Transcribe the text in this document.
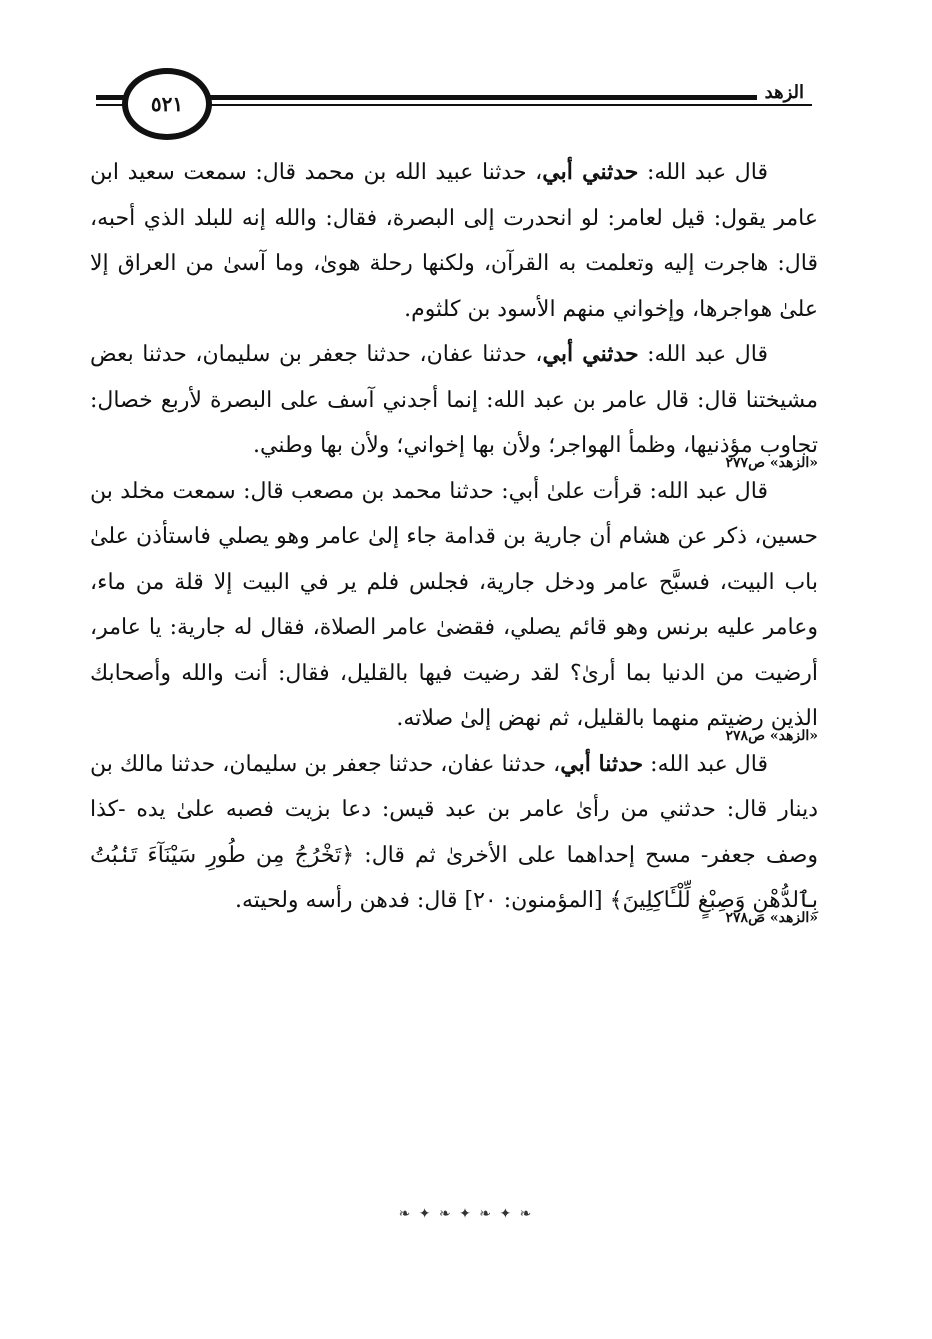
٥٢١	الزهد

قال عبد الله: حدثني أبي، حدثنا عبيد الله بن محمد قال: سمعت سعيد ابن عامر يقول: قيل لعامر: لو انحدرت إلى البصرة، فقال: والله إنه للبلد الذي أحبه، قال: هاجرت إليه وتعلمت به القرآن، ولكنها رحلة هوىٰ، وما آسىٰ من العراق إلا علىٰ هواجرها، وإخواني منهم الأسود بن كلثوم.

قال عبد الله: حدثني أبي، حدثنا عفان، حدثنا جعفر بن سليمان، حدثنا بعض مشيختنا قال: قال عامر بن عبد الله: إنما أجدني آسف على البصرة لأربع خصال: تجاوب مؤذنيها، وظمأ الهواجر؛ ولأن بها إخواني؛ ولأن بها وطني.

«الزهد» ص٢٧٧

قال عبد الله: قرأت علىٰ أبي: حدثنا محمد بن مصعب قال: سمعت مخلد بن حسين، ذكر عن هشام أن جارية بن قدامة جاء إلىٰ عامر وهو يصلي فاستأذن علىٰ باب البيت، فسبَّح عامر ودخل جارية، فجلس فلم ير في البيت إلا قلة من ماء، وعامر عليه برنس وهو قائم يصلي، فقضىٰ عامر الصلاة، فقال له جارية: يا عامر، أرضيت من الدنيا بما أرىٰ؟ لقد رضيت فيها بالقليل، فقال: أنت والله وأصحابك الذين رضيتم منهما بالقليل، ثم نهض إلىٰ صلاته.

«الزهد» ص٢٧٨

قال عبد الله: حدثنا أبي، حدثنا عفان، حدثنا جعفر بن سليمان، حدثنا مالك بن دينار قال: حدثني من رأىٰ عامر بن عبد قيس: دعا بزيت فصبه علىٰ يده -كذا وصف جعفر- مسح إحداهما على الأخرىٰ ثم قال: ﴿تَخْرُجُ مِن طُورِ سَيْنَآءَ تَنۢبُتُ بِٱلدُّهْنِ وَصِبْغٍ لِّلْـَٔاكِلِينَ﴾ [المؤمنون: ٢٠] قال: فدهن رأسه ولحيته.

«الزهد» ص٢٧٨
❧ ✦ ❧ ✦ ❧ ✦ ❧
